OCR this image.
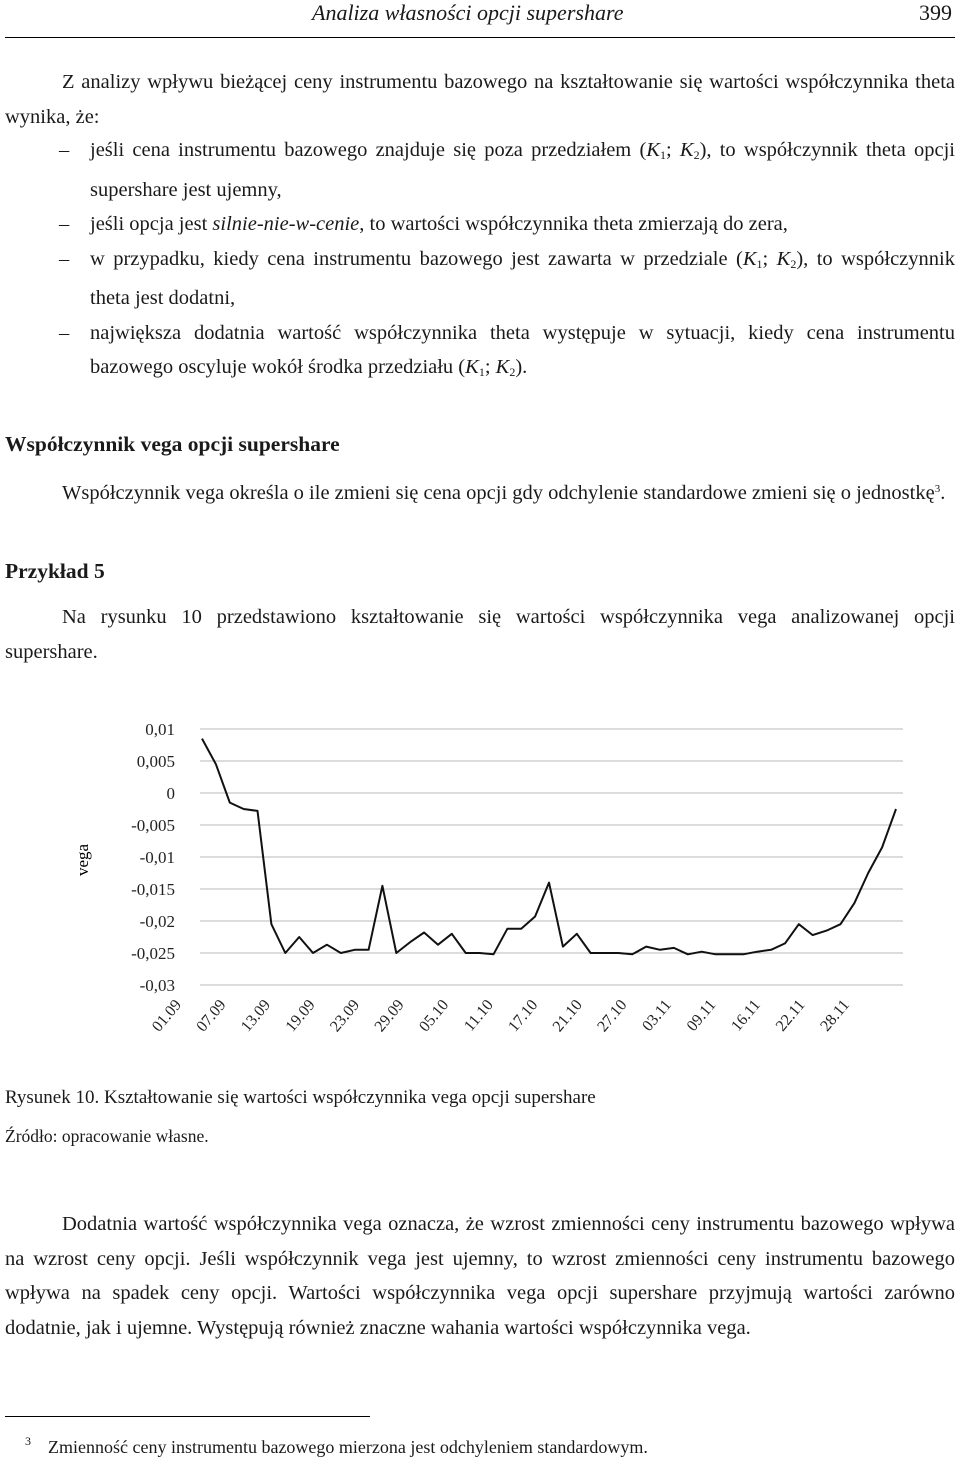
Analiza własności opcji supershare	399
Z analizy wpływu bieżącej ceny instrumentu bazowego na kształtowanie się wartości współczynnika theta wynika, że:
– jeśli cena instrumentu bazowego znajduje się poza przedziałem ($K_1$; $K_2$), to współczynnik theta opcji supershare jest ujemny,
– jeśli opcja jest silnie-nie-w-cenie, to wartości współczynnika theta zmierzają do zera,
– w przypadku, kiedy cena instrumentu bazowego jest zawarta w przedziale ($K_1$; $K_2$), to współczynnik theta jest dodatni,
– największa dodatnia wartość współczynnika theta występuje w sytuacji, kiedy cena instrumentu bazowego oscyluje wokół środka przedziału ($K_1$; $K_2$).
Współczynnik vega opcji supershare
Współczynnik vega określa o ile zmieni się cena opcji gdy odchylenie standardowe zmieni się o jednostkę$^3$.
Przykład 5
Na rysunku 10 przedstawiono kształtowanie się wartości współczynnika vega analizowanej opcji supershare.
0,01
0,005
0
-0,005
-0,01
-0,015
-0,02
-0,025
-0,03
01.09 07.09 13.09 19.09 23.09 29.09 05.10 11.10 17.10 21.10 27.10 03.11 09.11 16.11 22.11 28.11
vega
Rysunek 10. Kształtowanie się wartości współczynnika vega opcji supershare
Źródło: opracowanie własne.
Dodatnia wartość współczynnika vega oznacza, że wzrost zmienności ceny instrumentu bazowego wpływa na wzrost ceny opcji. Jeśli współczynnik vega jest ujemny, to wzrost zmienności ceny instrumentu bazowego wpływa na spadek ceny opcji. Wartości współczynnika vega opcji supershare przyjmują wartości zarówno dodatnie, jak i ujemne. Występują również znaczne wahania wartości współczynnika vega.
3 Zmienność ceny instrumentu bazowego mierzona jest odchyleniem standardowym.
